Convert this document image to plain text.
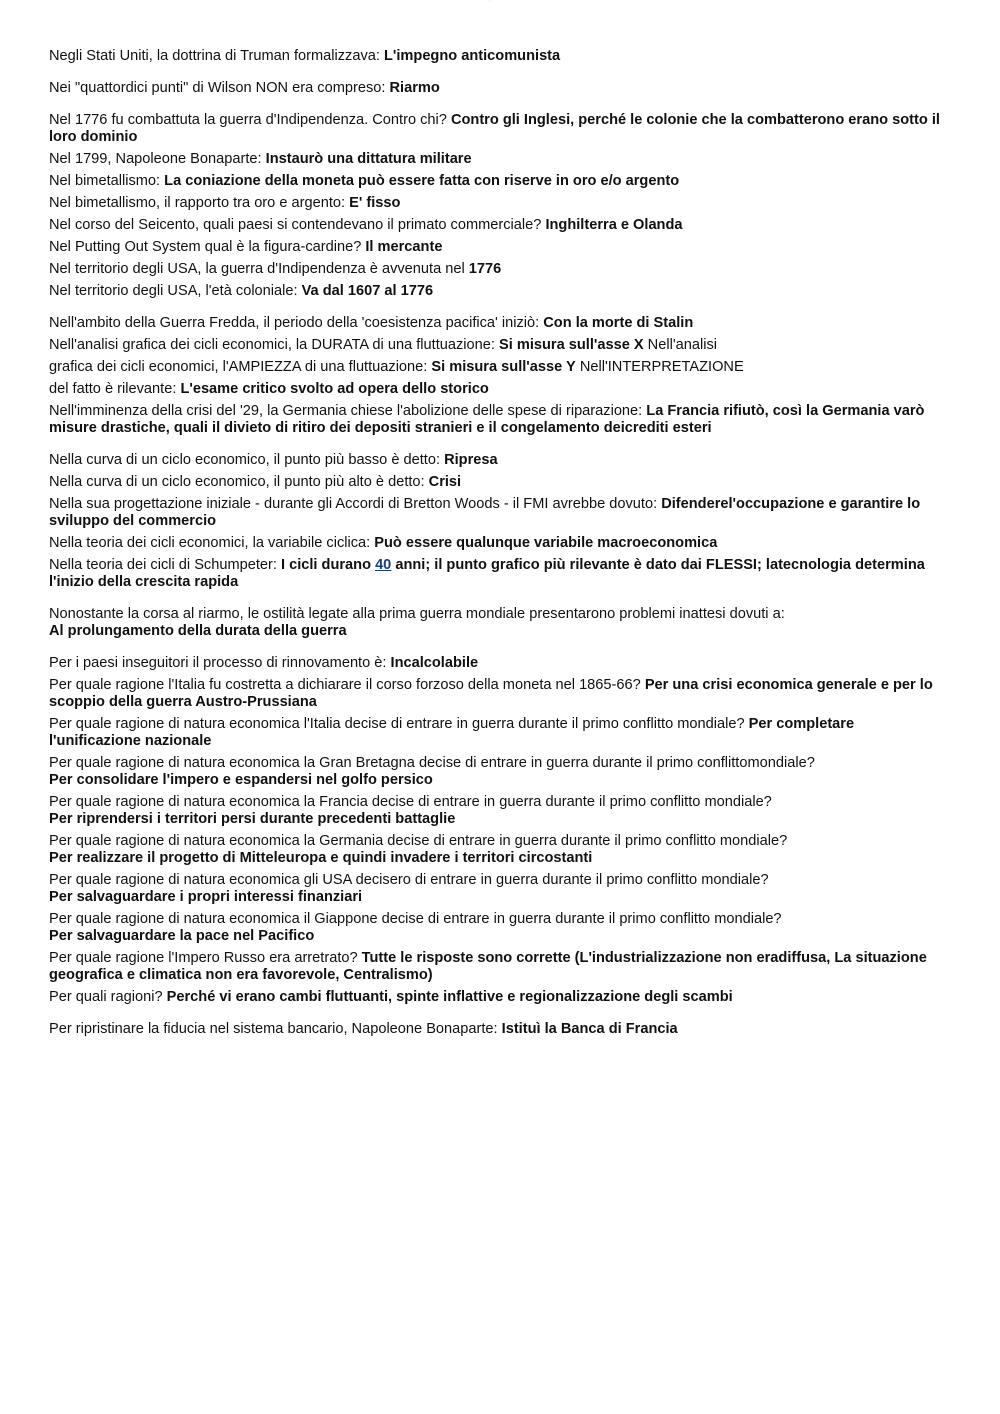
········

Negli Stati Uniti, la dottrina di Truman formalizzava: L'impegno anticomunista

Nei "quattordici punti" di Wilson NON era compreso: Riarmo

Nel 1776 fu combattuta la guerra d'Indipendenza. Contro chi? Contro gli Inglesi, perché le colonie che la combatterono erano sotto il loro dominio

Nel 1799, Napoleone Bonaparte: Instaurò una dittatura militare

Nel bimetallismo: La coniazione della moneta può essere fatta con riserve in oro e/o argento

Nel bimetallismo, il rapporto tra oro e argento: E' fisso

Nel corso del Seicento, quali paesi si contendevano il primato commerciale? Inghilterra e Olanda

Nel Putting Out System qual è la figura-cardine? Il mercante

Nel territorio degli USA, la guerra d'Indipendenza è avvenuta nel 1776

Nel territorio degli USA, l'età coloniale: Va dal 1607 al 1776

Nell'ambito della Guerra Fredda, il periodo della 'coesistenza pacifica' iniziò: Con la morte di Stalin

Nell'analisi grafica dei cicli economici, la DURATA di una fluttuazione: Si misura sull'asse X Nell'analisi

grafica dei cicli economici, l'AMPIEZZA di una fluttuazione: Si misura sull'asse Y Nell'INTERPRETAZIONE

del fatto è rilevante: L'esame critico svolto ad opera dello storico

Nell'imminenza della crisi del '29, la Germania chiese l'abolizione delle spese di riparazione: La Francia rifiutò, così la Germania varò misure drastiche, quali il divieto di ritiro dei depositi stranieri e il congelamento deicrediti esteri

Nella curva di un ciclo economico, il punto più basso è detto: Ripresa

Nella curva di un ciclo economico, il punto più alto è detto: Crisi

Nella sua progettazione iniziale - durante gli Accordi di Bretton Woods - il FMI avrebbe dovuto: Difenderel'occupazione e garantire lo sviluppo del commercio

Nella teoria dei cicli economici, la variabile ciclica: Può essere qualunque variabile macroeconomica

Nella teoria dei cicli di Schumpeter: I cicli durano 40 anni; il punto grafico più rilevante è dato dai FLESSI; latecnologia determina l'inizio della crescita rapida

Nonostante la corsa al riarmo, le ostilità legate alla prima guerra mondiale presentarono problemi inattesi dovuti a:
Al prolungamento della durata della guerra

Per i paesi inseguitori il processo di rinnovamento è: Incalcolabile

Per quale ragione l'Italia fu costretta a dichiarare il corso forzoso della moneta nel 1865-66? Per una crisi economica generale e per lo scoppio della guerra Austro-Prussiana

Per quale ragione di natura economica l'Italia decise di entrare in guerra durante il primo conflitto mondiale? Per completare l'unificazione nazionale

Per quale ragione di natura economica la Gran Bretagna decise di entrare in guerra durante il primo conflittomondiale?
Per consolidare l'impero e espandersi nel golfo persico

Per quale ragione di natura economica la Francia decise di entrare in guerra durante il primo conflitto mondiale?
Per riprendersi i territori persi durante precedenti battaglie

Per quale ragione di natura economica la Germania decise di entrare in guerra durante il primo conflitto mondiale?
Per realizzare il progetto di Mitteleuropa e quindi invadere i territori circostanti

Per quale ragione di natura economica gli USA decisero di entrare in guerra durante il primo conflitto mondiale?
Per salvaguardare i propri interessi finanziari

Per quale ragione di natura economica il Giappone decise di entrare in guerra durante il primo conflitto mondiale?
Per salvaguardare la pace nel Pacifico

Per quale ragione l'Impero Russo era arretrato? Tutte le risposte sono corrette (L'industrializzazione non eradiffusa, La situazione geografica e climatica non era favorevole, Centralismo)

Per quali ragioni? Perché vi erano cambi fluttuanti, spinte inflattive e regionalizzazione degli scambi

Per ripristinare la fiducia nel sistema bancario, Napoleone Bonaparte: Istituì la Banca di Francia
